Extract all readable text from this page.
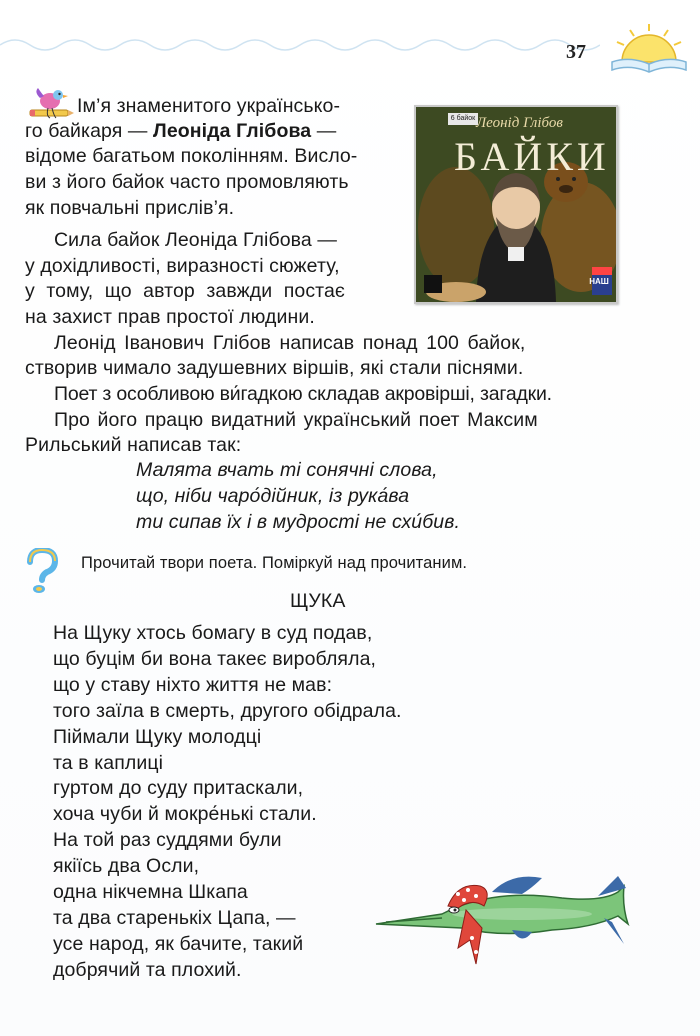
37

Ім’я знаменитого українсько-

го байкаря — Леоніда Глібова —

відоме багатьом поколінням. Вислo-

ви з його байок часто промовляють

як повчальні прислів’я.

Сила байок Леоніда Глібова —

у дохідливості, виразності сюжету,

у тому, що автор завжди постає

на захист прав простої людини.

Леонід Іванович Глібов написав понад 100 байок,

створив чимало задушевних віршів, які стали піснями.

Поет з особливою ви́гадкою складав акровірші, загадки.

Про його працю видатний український поет Максим

Рильський написав так:

Малята вчать ті сонячні слова,

що, ніби чаро́дійник, із рука́ва

ти сипав їх і в мудрості не схи́бив.

6 байок Леонід Глібов
БАЙКИ
НАШ

Прочитай твори поета. Поміркуй над прочитаним.

ЩУКА

На Щуку хтось бомагу в суд подав,
що буцім би вона такеє виробляла,
що у ставу ніхто життя не мав:
того заїла в смерть, другого обідрала.
Піймали Щуку молодці
та в каплиці
гуртом до суду притаскали,
хоча чуби й мокре́нькі стали.
На той раз суддями були
якіїсь два Осли,
одна нікчемна Шкапа
та два старенькіх Цапа, —
усе народ, як бачите, такий
добрячий та плохий.
